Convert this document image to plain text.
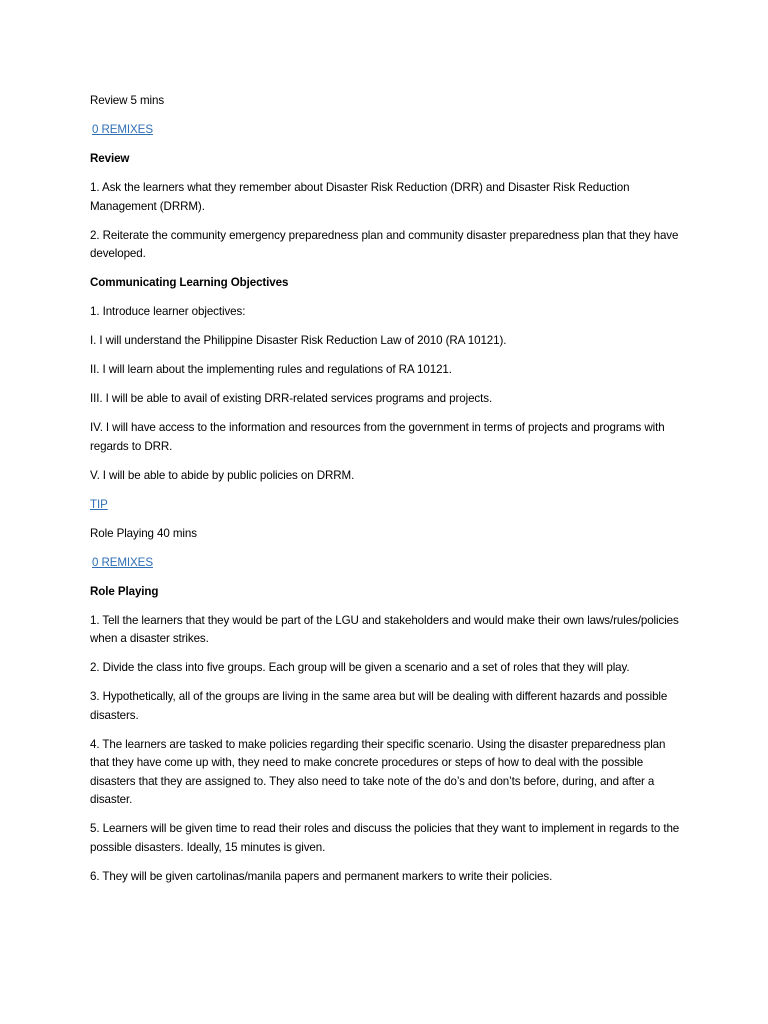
Review 5 mins

0 REMIXES

Review

1. Ask the learners what they remember about Disaster Risk Reduction (DRR) and Disaster Risk Reduction Management (DRRM).

2. Reiterate the community emergency preparedness plan and community disaster preparedness plan that they have developed.

Communicating Learning Objectives

1. Introduce learner objectives:

I. I will understand the Philippine Disaster Risk Reduction Law of 2010 (RA 10121).

II. I will learn about the implementing rules and regulations of RA 10121.

III. I will be able to avail of existing DRR-related services programs and projects.

IV. I will have access to the information and resources from the government in terms of projects and programs with regards to DRR.

V. I will be able to abide by public policies on DRRM.

TIP

Role Playing 40 mins

0 REMIXES

Role Playing

1. Tell the learners that they would be part of the LGU and stakeholders and would make their own laws/rules/policies when a disaster strikes.

2. Divide the class into five groups. Each group will be given a scenario and a set of roles that they will play.

3. Hypothetically, all of the groups are living in the same area but will be dealing with different hazards and possible disasters.

4. The learners are tasked to make policies regarding their specific scenario. Using the disaster preparedness plan that they have come up with, they need to make concrete procedures or steps of how to deal with the possible disasters that they are assigned to. They also need to take note of the do’s and don’ts before, during, and after a disaster.

5. Learners will be given time to read their roles and discuss the policies that they want to implement in regards to the possible disasters. Ideally, 15 minutes is given.

6. They will be given cartolinas/manila papers and permanent markers to write their policies.
